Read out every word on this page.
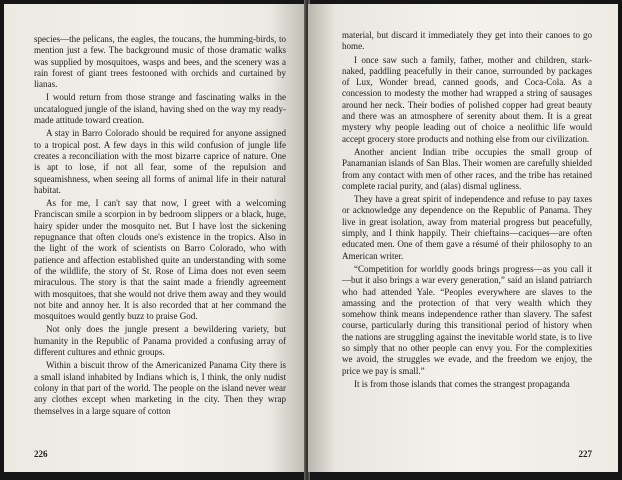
species—the pelicans, the eagles, the toucans, the humming-birds, to mention just a few. The background music of those dramatic walks was supplied by mosquitoes, wasps and bees, and the scenery was a rain forest of giant trees festooned with orchids and curtained by lianas.

I would return from those strange and fascinating walks in the uncatalogued jungle of the island, having shed on the way my ready-made attitude toward creation.

A stay in Barro Colorado should be required for anyone assigned to a tropical post. A few days in this wild confusion of jungle life creates a reconciliation with the most bizarre caprice of nature. One is apt to lose, if not all fear, some of the repulsion and squeamishness, when seeing all forms of animal life in their natural habitat.

As for me, I can't say that now, I greet with a welcoming Franciscan smile a scorpion in by bedroom slippers or a black, huge, hairy spider under the mosquito net. But I have lost the sickening repugnance that often clouds one's existence in the tropics. Also in the light of the work of scientists on Barro Colorado, who with patience and affection established quite an understanding with some of the wildlife, the story of St. Rose of Lima does not even seem miraculous. The story is that the saint made a friendly agreement with mosquitoes, that she would not drive them away and they would not bite and annoy her. It is also recorded that at her command the mosquitoes would gently buzz to praise God.

Not only does the jungle present a bewildering variety, but humanity in the Republic of Panama provided a confusing array of different cultures and ethnic groups.

Within a biscuit throw of the Americanized Panama City there is a small island inhabited by Indians which is, I think, the only nudist colony in that part of the world. The people on the island never wear any clothes except when marketing in the city. Then they wrap themselves in a large square of cotton

226

material, but discard it immediately they get into their canoes to go home.

I once saw such a family, father, mother and children, stark-naked, paddling peacefully in their canoe, surrounded by packages of Lux, Wonder bread, canned goods, and Coca-Cola. As a concession to modesty the mother had wrapped a string of sausages around her neck. Their bodies of polished copper had great beauty and there was an atmosphere of serenity about them. It is a great mystery why people leading out of choice a neolithic life would accept grocery store products and nothing else from our civilization.

Another ancient Indian tribe occupies the small group of Panamanian islands of San Blas. Their women are carefully shielded from any contact with men of other races, and the tribe has retained complete racial purity, and (alas) dismal ugliness.

They have a great spirit of independence and refuse to pay taxes or acknowledge any dependence on the Republic of Panama. They live in great isolation, away from material progress but peacefully, simply, and I think happily. Their chieftains—caciques—are often educated men. One of them gave a résumé of their philosophy to an American writer.

“Competition for worldly goods brings progress—as you call it—but it also brings a war every generation,” said an island patriarch who had attended Yale. “Peoples everywhere are slaves to the amassing and the protection of that very wealth which they somehow think means independence rather than slavery. The safest course, particularly during this transitional period of history when the nations are struggling against the inevitable world state, is to live so simply that no other people can envy you. For the complexities we avoid, the struggles we evade, and the freedom we enjoy, the price we pay is small.”

It is from those islands that comes the strangest propaganda

227
